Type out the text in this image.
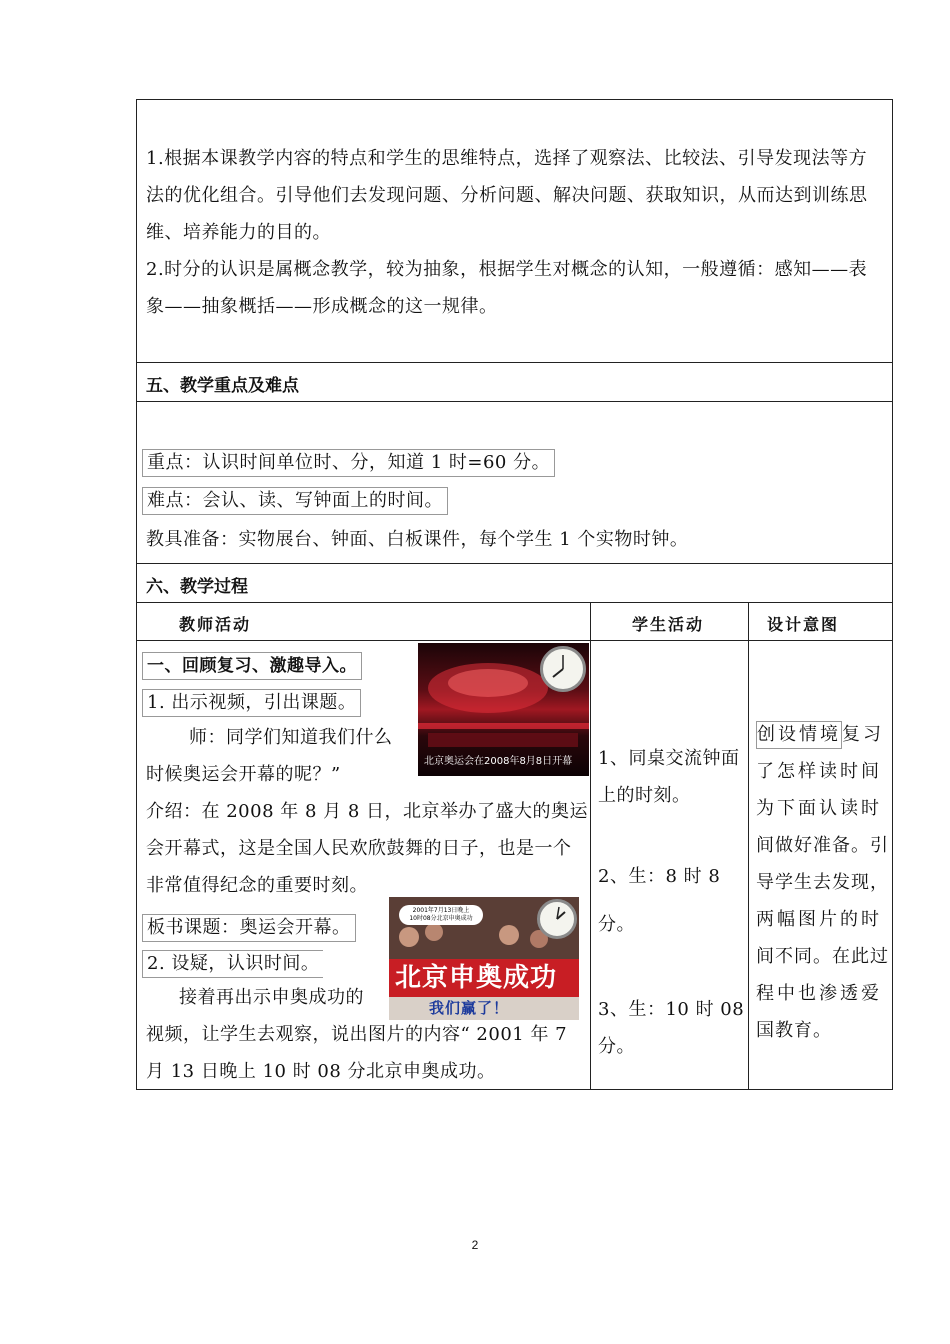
1.根据本课教学内容的特点和学生的思维特点，选择了观察法、比较法、引导发现法等方
法的优化组合。引导他们去发现问题、分析问题、解决问题、获取知识，从而达到训练思
维、培养能力的目的。
2.时分的认识是属概念教学，较为抽象，根据学生对概念的认知，一般遵循：感知——表
象——抽象概括——形成概念的这一规律。
五、教学重点及难点
重点：认识时间单位时、分，知道 1 时=60 分。
难点：会认、读、写钟面上的时间。
教具准备：实物展台、钟面、白板课件，每个学生 1 个实物时钟。
六、教学过程
教师活动	学生活动	设计意图
一、回顾复习、激趣导入。
1. 出示视频，引出课题。
师：同学们知道我们什么
时候奥运会开幕的呢？”
介绍：在 2008 年 8 月 8 日，北京举办了盛大的奥运
会开幕式，这是全国人民欢欣鼓舞的日子，也是一个
非常值得纪念的重要时刻。
板书课题：奥运会开幕。
2. 设疑，认识时间。
接着再出示申奥成功的
视频，让学生去观察，说出图片的内容“ 2001 年 7
月 13 日晚上 10 时 08 分北京申奥成功。
北京奥运会在2008年8月8日开幕
2001年7月13日晚上
10时08分北京申奥成功
北京申奥成功
我们赢了！
1、同桌交流钟面
上的时刻。
2、生：8 时 8
分。
3、生：10 时 08
分。
创设情境复习
了怎样读时间
为下面认读时
间做好准备。引
导学生去发现，
两幅图片的时
间不同。在此过
程中也渗透爱
国教育。
2
